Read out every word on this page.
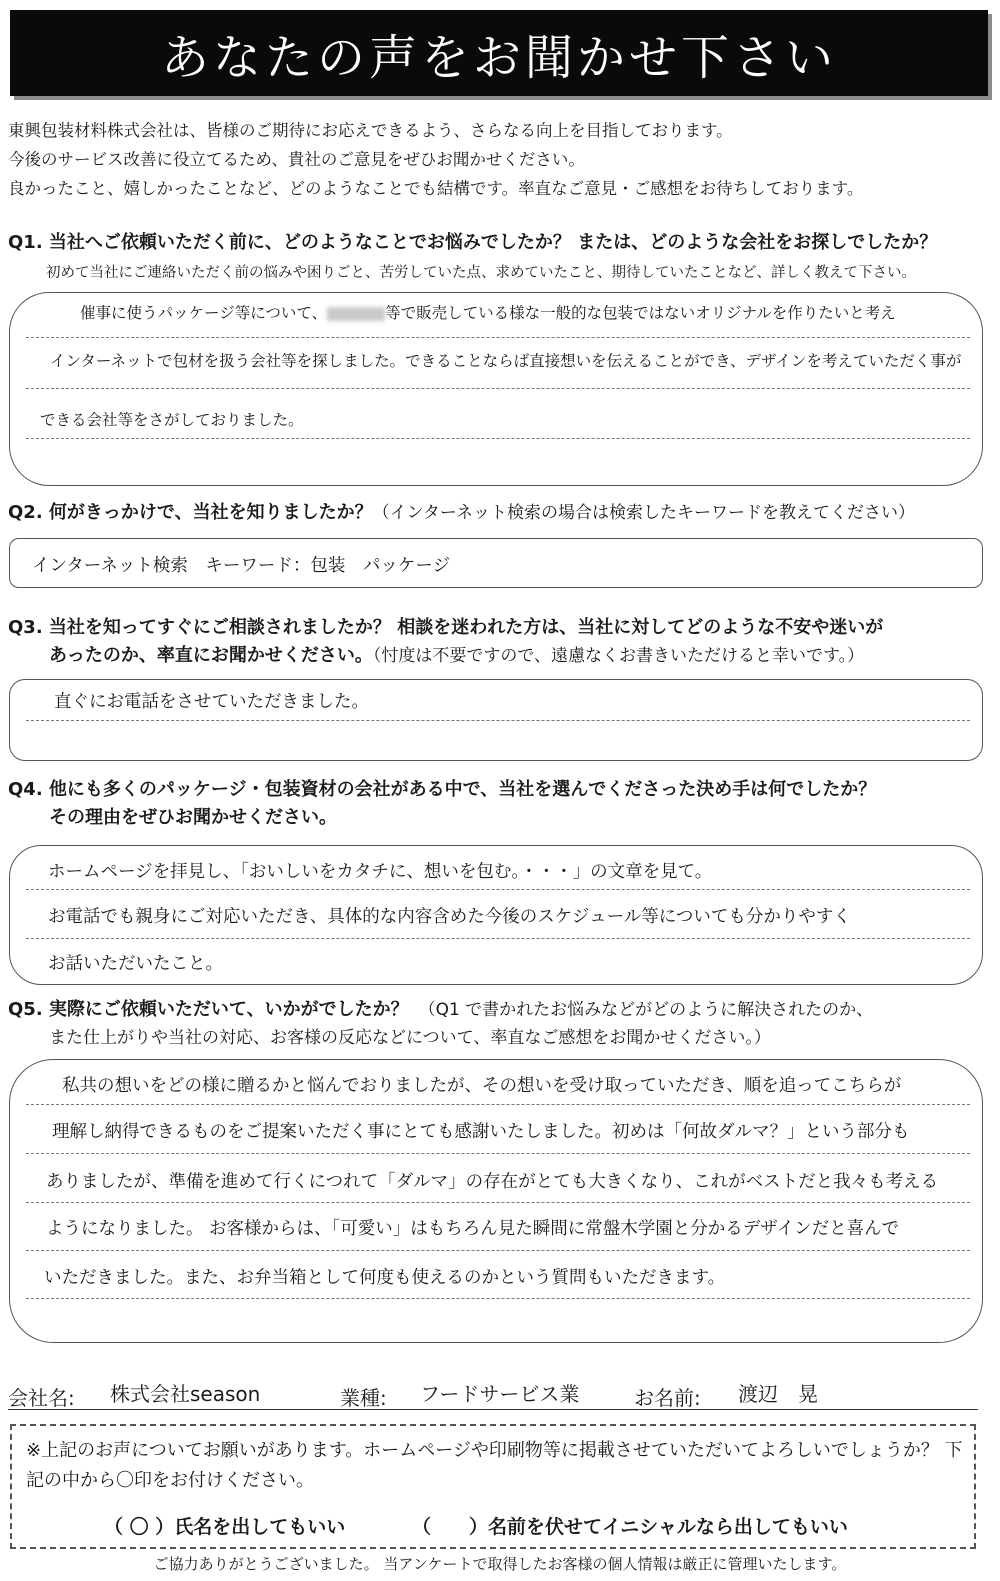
あなたの声をお聞かせ下さい

東興包装材料株式会社は、皆様のご期待にお応えできるよう、さらなる向上を目指しております。

今後のサービス改善に役立てるため、貴社のご意見をぜひお聞かせください。

良かったこと、嬉しかったことなど、どのようなことでも結構です。率直なご意見・ご感想をお待ちしております。

Q1. 当社へご依頼いただく前に、どのようなことでお悩みでしたか？ または、どのような会社をお探しでしたか？
初めて当社にご連絡いただく前の悩みや困りごと、苦労していた点、求めていたこと、期待していたことなど、詳しく教えて下さい。
催事に使うパッケージ等について、	等で販売している様な一般的な包装ではないオリジナルを作りたいと考え
インターネットで包材を扱う会社等を探しました。できることならば直接想いを伝えることができ、デザインを考えていただく事が
できる会社等をさがしておりました。
Q2. 何がきっかけで、当社を知りましたか？（インターネット検索の場合は検索したキーワードを教えてください）
インターネット検索　キーワード：包装　パッケージ
Q3. 当社を知ってすぐにご相談されましたか？ 相談を迷われた方は、当社に対してどのような不安や迷いが
あったのか、率直にお聞かせください。（忖度は不要ですので、遠慮なくお書きいただけると幸いです。）
直ぐにお電話をさせていただきました。
Q4. 他にも多くのパッケージ・包装資材の会社がある中で、当社を選んでくださった決め手は何でしたか？
その理由をぜひお聞かせください。
ホームページを拝見し、「おいしいをカタチに、想いを包む。・・・」の文章を見て。
お電話でも親身にご対応いただき、具体的な内容含めた今後のスケジュール等についても分かりやすく
お話いただいたこと。
Q5. 実際にご依頼いただいて、いかがでしたか？ （Q1 で書かれたお悩みなどがどのように解決されたのか、
また仕上がりや当社の対応、お客様の反応などについて、率直なご感想をお聞かせください。）
私共の想いをどの様に贈るかと悩んでおりましたが、その想いを受け取っていただき、順を追ってこちらが
理解し納得できるものをご提案いただく事にとても感謝いたしました。初めは「何故ダルマ？」という部分も
ありましたが、準備を進めて行くにつれて「ダルマ」の存在がとても大きくなり、これがベストだと我々も考える
ようになりました。 お客様からは、「可愛い」はもちろん見た瞬間に常盤木学園と分かるデザインだと喜んで
いただきました。また、お弁当箱として何度も使えるのかという質問もいただきます。
会社名: 株式会社season	業種: フードサービス業	お名前: 渡辺　晃
※上記のお声についてお願いがあります。ホームページや印刷物等に掲載させていただいてよろしいでしょうか？ 下記の中から〇印をお付けください。
（ 〇 ）氏名を出してもいい	（　　）名前を伏せてイニシャルなら出してもいい
ご協力ありがとうございました。 当アンケートで取得したお客様の個人情報は厳正に管理いたします。
